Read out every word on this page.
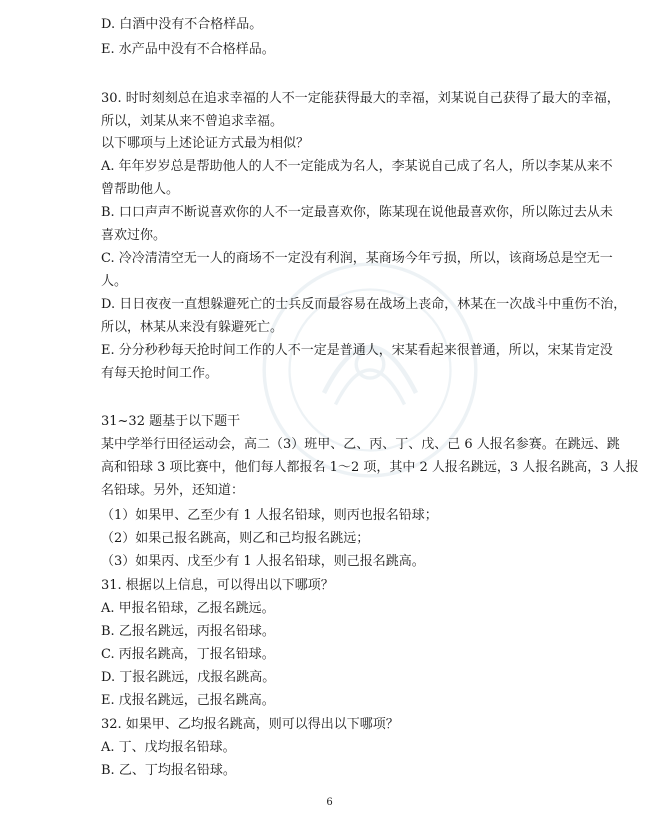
D. 白酒中没有不合格样品。
E. 水产品中没有不合格样品。
30. 时时刻刻总在追求幸福的人不一定能获得最大的幸福，刘某说自己获得了最大的幸福，
所以，刘某从来不曾追求幸福。
以下哪项与上述论证方式最为相似？
A. 年年岁岁总是帮助他人的人不一定能成为名人，李某说自己成了名人，所以李某从来不
曾帮助他人。
B. 口口声声不断说喜欢你的人不一定最喜欢你，陈某现在说他最喜欢你，所以陈过去从未
喜欢过你。
C. 冷冷清清空无一人的商场不一定没有利润，某商场今年亏损，所以，该商场总是空无一
人。
D. 日日夜夜一直想躲避死亡的士兵反而最容易在战场上丧命，林某在一次战斗中重伤不治，
所以，林某从来没有躲避死亡。
E. 分分秒秒每天抢时间工作的人不一定是普通人，宋某看起来很普通，所以，宋某肯定没
有每天抢时间工作。
31~32 题基于以下题干
某中学举行田径运动会，高二（3）班甲、乙、丙、丁、戊、己 6 人报名参赛。在跳远、跳
高和铅球 3 项比赛中，他们每人都报名 1～2 项，其中 2 人报名跳远，3 人报名跳高，3 人报
名铅球。另外，还知道：
（1）如果甲、乙至少有 1 人报名铅球，则丙也报名铅球；
（2）如果己报名跳高，则乙和己均报名跳远；
（3）如果丙、戊至少有 1 人报名铅球，则己报名跳高。
31. 根据以上信息，可以得出以下哪项？
A. 甲报名铅球，乙报名跳远。
B. 乙报名跳远，丙报名铅球。
C. 丙报名跳高，丁报名铅球。
D. 丁报名跳远，戊报名跳高。
E. 戊报名跳远，己报名跳高。
32. 如果甲、乙均报名跳高，则可以得出以下哪项？
A. 丁、戊均报名铅球。
B. 乙、丁均报名铅球。
6
